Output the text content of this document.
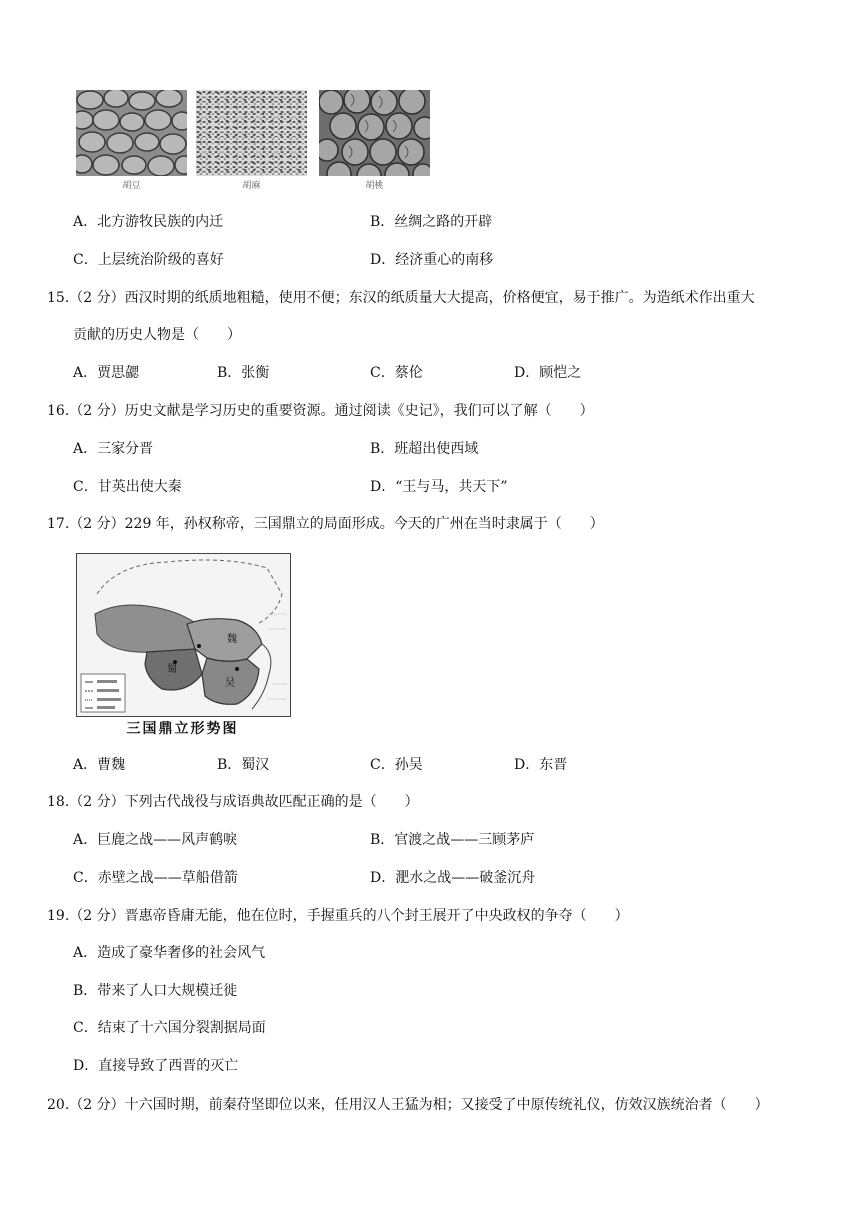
胡豆	胡麻	胡桃
A．北方游牧民族的内迁	B．丝绸之路的开辟
C．上层统治阶级的喜好	D．经济重心的南移
15.（2 分）西汉时期的纸质地粗糙，使用不便；东汉的纸质量大大提高，价格便宜，易于推广。为造纸术作出重大
贡献的历史人物是（　　）
A．贾思勰	B．张衡	C．蔡伦	D．顾恺之
16.（2 分）历史文献是学习历史的重要资源。通过阅读《史记》，我们可以了解（　　）
A．三家分晋	B．班超出使西域
C．甘英出使大秦	D．“王与马，共天下”
17.（2 分）229 年，孙权称帝，三国鼎立的局面形成。今天的广州在当时隶属于（　　）
魏
蜀
吴
三国鼎立形势图
A．曹魏	B．蜀汉	C．孙吴	D．东晋
18.（2 分）下列古代战役与成语典故匹配正确的是（　　）
A．巨鹿之战——风声鹤唳	B．官渡之战——三顾茅庐
C．赤壁之战——草船借箭	D．淝水之战——破釜沉舟
19.（2 分）晋惠帝昏庸无能，他在位时，手握重兵的八个封王展开了中央政权的争夺（　　）
A．造成了豪华奢侈的社会风气
B．带来了人口大规模迁徙
C．结束了十六国分裂割据局面
D．直接导致了西晋的灭亡
20.（2 分）十六国时期，前秦苻坚即位以来，任用汉人王猛为相；又接受了中原传统礼仪，仿效汉族统治者（　　）
